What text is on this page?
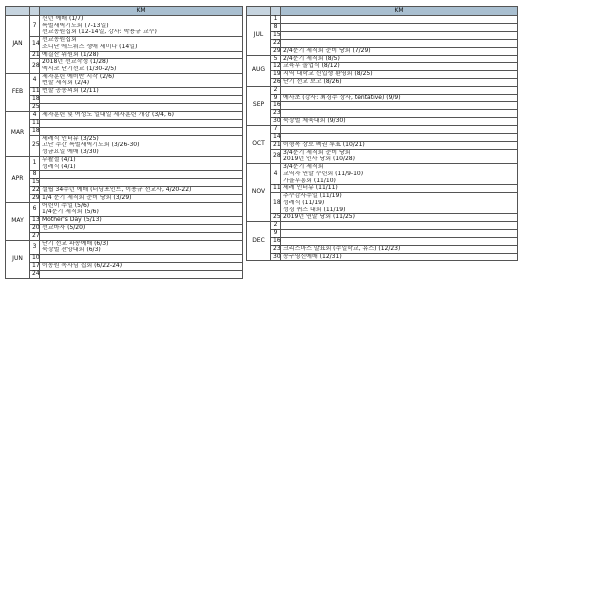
		KM
JAN	7	신년 예배 (1/7)
특별새벽기도회 (7-13일)
선교동원집회 (12-14일, 강사: 박용규 교수)

	14	선교동원집회
조니단 에드워즈 생애 세미나 (14일)

	21	예결산 위원회 (1/28)

	28	2018년 선교작정 (1/28)
멕시코 단기선교 (1/30-2/5)

FEB	4	제자훈련 예비반 시작 (2/6)
번할 제직회 (2/4)

	11	번할 공동의회 (2/11)

	18	
	25	
MAR	4	제자훈련 및 여성노 일대일 제자훈련 개강 (3/4, 6)

	11	
	18	
	25	세례식 인터뷰 (3/25)
고난 주간 특별새벽기도회 (3/26-30)
성금요일 예배 (3/30)

APR	1	부활절 (4/1)
성례식 (4/1)

	8	
	15	
	22	설립 34주년 예배 (터닝포인트, 이용규 선교사, 4/20-22)

	29	1/4 분기 제직회 준비 당회 (3/29)

MAY	6	어린이 주일 (5/6)
1/4분기 제직회 (5/6)

	13	Mother's Day (5/13)

	20	선교바자 (5/20)

	27	
JUN	3	단기 선교 파송예배 (6/3)
북장별 찬양대회 (6/3)

	10	
	17	이동원 목사님 집회 (6/22-24)

	24	
		KM
JUL	1	
	8	
	15	
	22	
	29	2/4분기 제직회 준비 당회 (7/29)

AUG	5	2/4분기 제직회 (8/5)

	12	교육부 졸업식 (8/12)

	19	지역 대학교 신입생 환영회 (8/25)

	26	단기 선교 보고 (8/26)

SEP	2	
	9	예사초 (강사: 최경주 장사, tentative) (9/9)

	16	
	23	
	30	북장별 체육대회 (9/30)

OCT	7	
	14	
	21	이형복 장로 펙권 투표 (10/21)

	28	3/4분기 제직회 준비 당회
2019년 인사 당회 (10/28)

NOV	4	3/4분기 제직회
교역자 연말 수련회 (11/9-10)
가을부흥회 (11/10)

	11	세례 인터뷰 (11/11)

	18	추수감사주일 (11/19)
성례식 (11/19)
성경 퀴즈 대회 (11/19)

	25	2019년 연말 당회 (11/25)

DEC	2	
	9	
	16	
	23	크리스마스 발표회 (주일학교, 유스) (12/23)

	30	송구영신예배 (12/31)
